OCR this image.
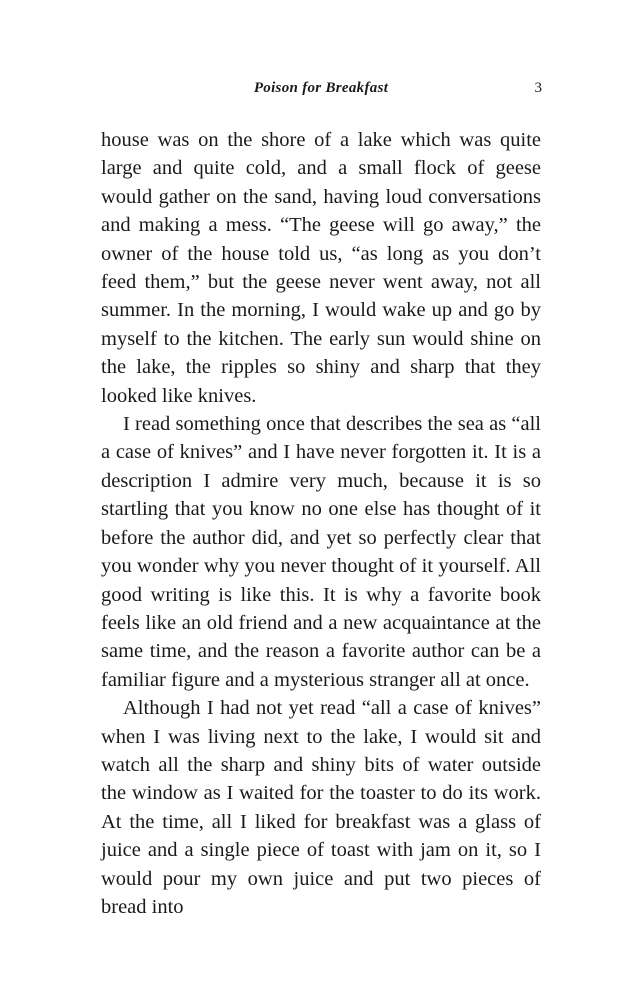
Poison for Breakfast	3

house was on the shore of a lake which was quite large and quite cold, and a small flock of geese would gather on the sand, having loud conversations and making a mess. “The geese will go away,” the owner of the house told us, “as long as you don’t feed them,” but the geese never went away, not all summer. In the morning, I would wake up and go by myself to the kitchen. The early sun would shine on the lake, the ripples so shiny and sharp that they looked like knives.

I read something once that describes the sea as “all a case of knives” and I have never forgotten it. It is a description I admire very much, because it is so startling that you know no one else has thought of it before the author did, and yet so perfectly clear that you wonder why you never thought of it yourself. All good writing is like this. It is why a favorite book feels like an old friend and a new acquaintance at the same time, and the reason a favorite author can be a familiar figure and a mysterious stranger all at once.

Although I had not yet read “all a case of knives” when I was living next to the lake, I would sit and watch all the sharp and shiny bits of water outside the window as I waited for the toaster to do its work. At the time, all I liked for breakfast was a glass of juice and a single piece of toast with jam on it, so I would pour my own juice and put two pieces of bread into
